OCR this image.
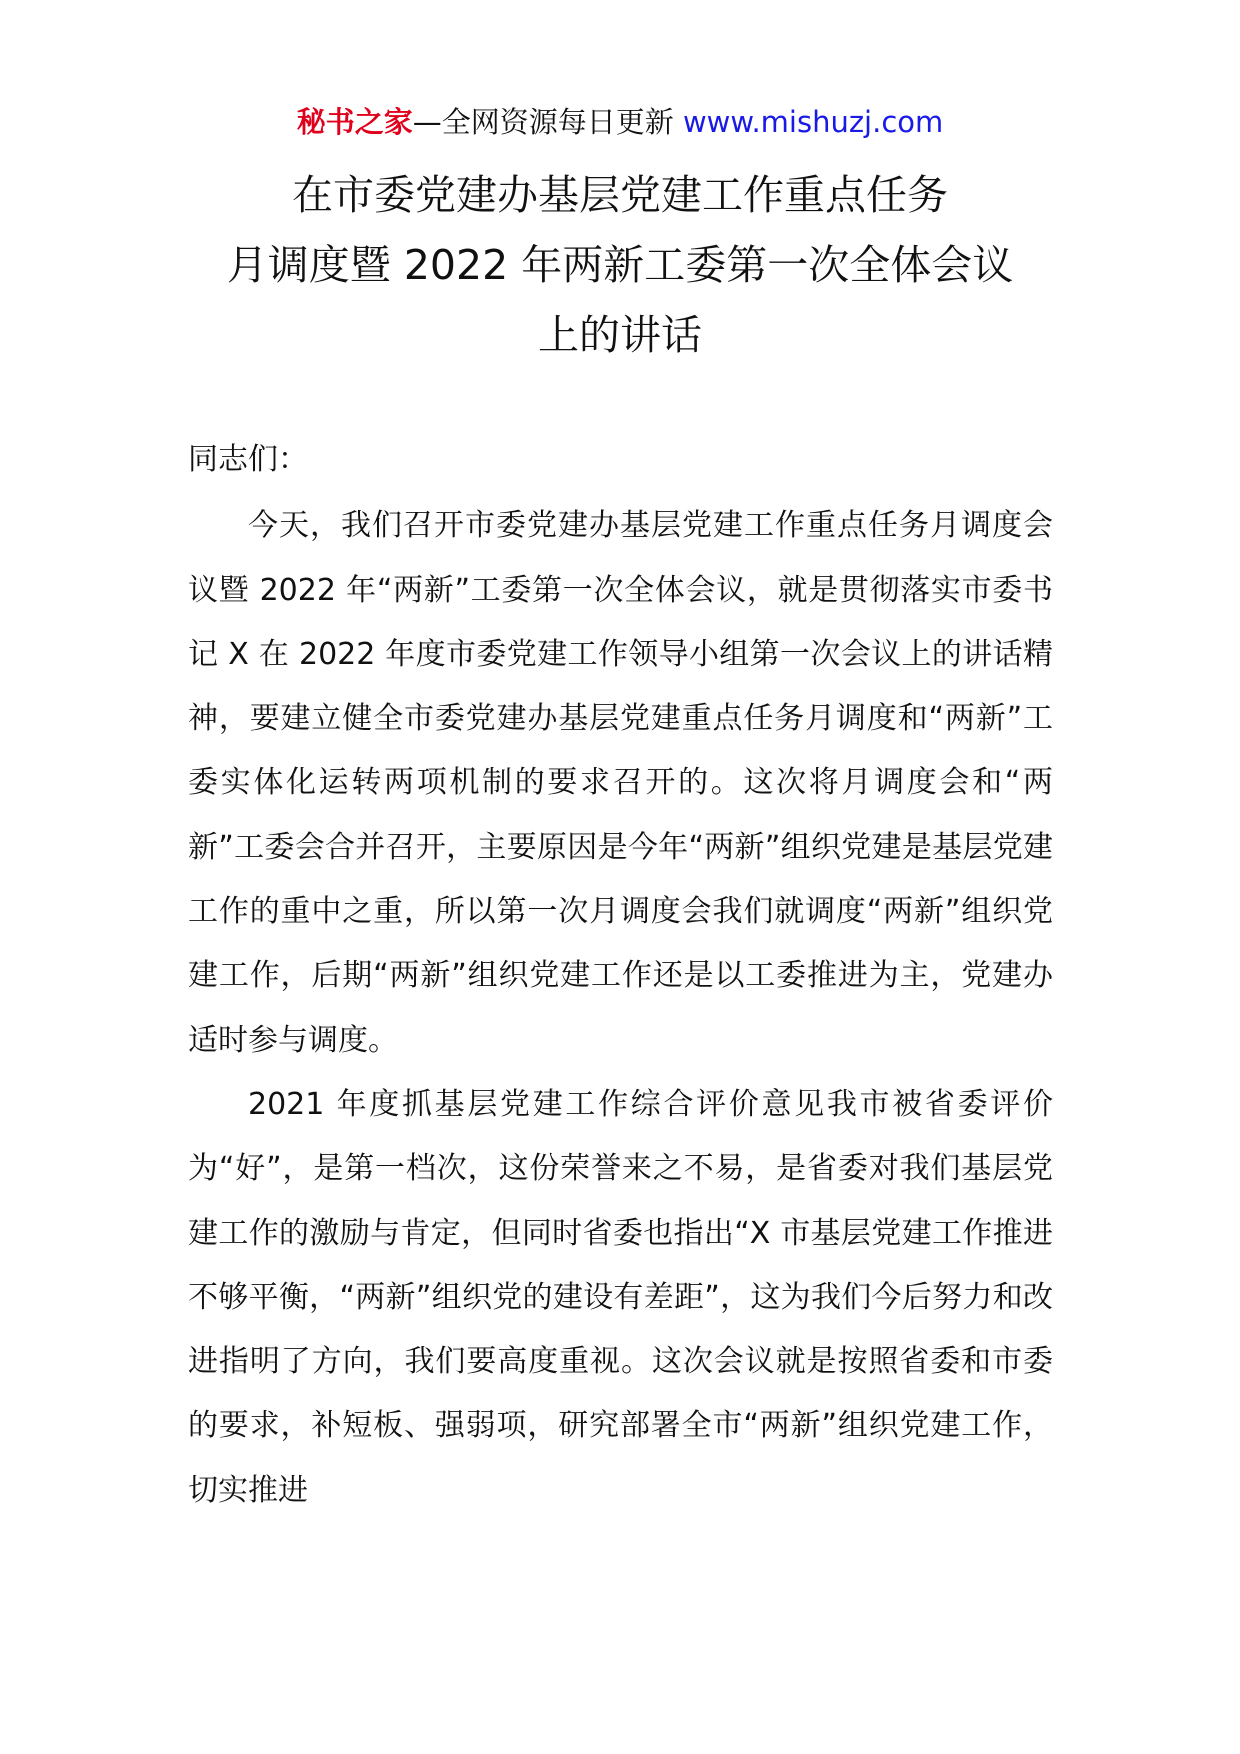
秘书之家—全网资源每日更新 www.mishuzj.com
在市委党建办基层党建工作重点任务
月调度暨 2022 年两新工委第一次全体会议
上的讲话

同志们：

今天，我们召开市委党建办基层党建工作重点任务月调度会议暨 2022 年“两新”工委第一次全体会议，就是贯彻落实市委书记 X 在 2022 年度市委党建工作领导小组第一次会议上的讲话精神，要建立健全市委党建办基层党建重点任务月调度和“两新”工委实体化运转两项机制的要求召开的。这次将月调度会和“两新”工委会合并召开，主要原因是今年“两新”组织党建是基层党建工作的重中之重，所以第一次月调度会我们就调度“两新”组织党建工作，后期“两新”组织党建工作还是以工委推进为主，党建办适时参与调度。

2021 年度抓基层党建工作综合评价意见我市被省委评价为“好”，是第一档次，这份荣誉来之不易，是省委对我们基层党建工作的激励与肯定，但同时省委也指出“X 市基层党建工作推进不够平衡，“两新”组织党的建设有差距”，这为我们今后努力和改进指明了方向，我们要高度重视。这次会议就是按照省委和市委的要求，补短板、强弱项，研究部署全市“两新”组织党建工作，切实推进
